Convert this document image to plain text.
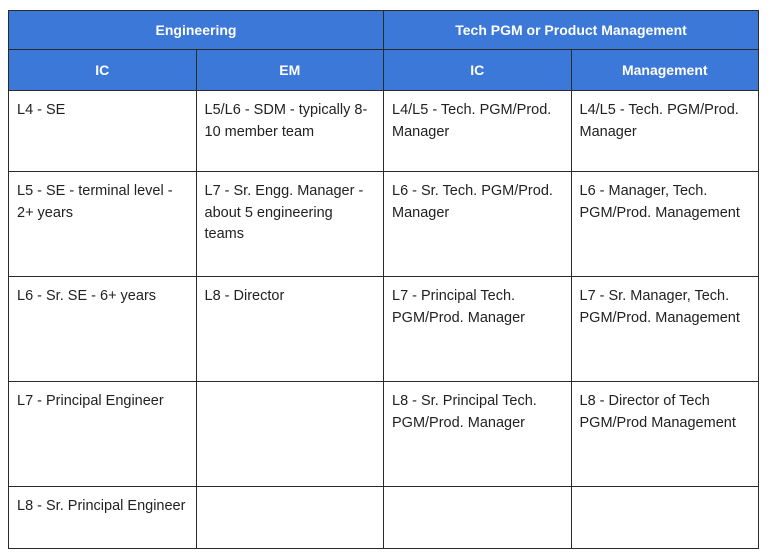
Engineering		Tech PGM or Product Management	
IC	EM	IC	Management
L4 - SE	L5/L6 - SDM - typically 8-10 member team	L4/L5 - Tech. PGM/Prod. Manager	L4/L5 - Tech. PGM/Prod. Manager
L5 - SE - terminal level - 2+ years	L7 - Sr. Engg. Manager - about 5 engineering teams	L6 - Sr. Tech. PGM/Prod. Manager	L6 - Manager, Tech. PGM/Prod. Management
L6 - Sr. SE - 6+ years	L8 - Director	L7 - Principal Tech. PGM/Prod. Manager	L7 - Sr. Manager, Tech. PGM/Prod. Management
L7 - Principal Engineer		L8 - Sr. Principal Tech. PGM/Prod. Manager	L8 - Director of Tech PGM/Prod Management
L8 - Sr. Principal Engineer			
